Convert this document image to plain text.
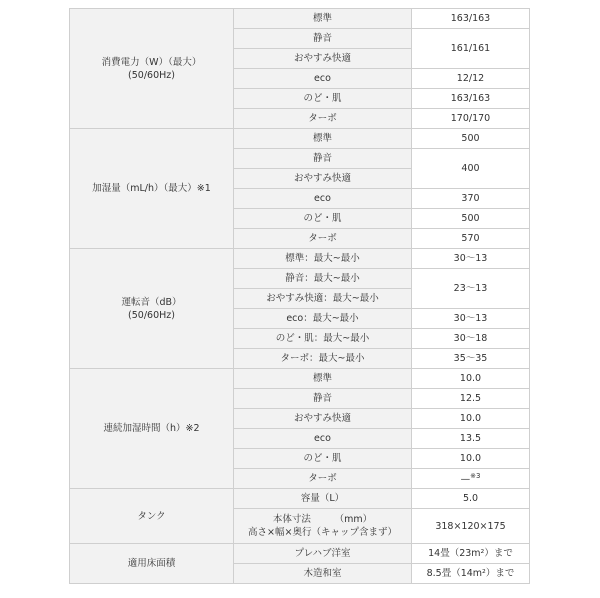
消費電力（W）（最大）
(50/60Hz)	標準	163/163
	静音	161/161
	おやすみ快適	
	eco	12/12
	のど・肌	163/163
	ターボ	170/170

加湿量（mL/h）（最大）※1	標準	500
	静音	400
	おやすみ快適	
	eco	370
	のど・肌	500
	ターボ	570

運転音（dB）
(50/60Hz)	標準：最大~最小	30～13
	静音：最大~最小	23～13
	おやすみ快適：最大~最小	
	eco：最大~最小	30～13
	のど・肌：最大~最小	30～18
	ターボ：最大~最小	35～35

連続加湿時間（h）※2	標準	10.0
	静音	12.5
	おやすみ快適	10.0
	eco	13.5
	のど・肌	10.0
	ターボ	—$^{※3}$

タンク	容量（L）	5.0

	本体寸法　　　（mm）
高さ×幅×奥行（キャップ含まず）	318×120×175

適用床面積	プレハブ洋室	14畳（23m²）まで
	木造和室	8.5畳（14m²）まで
